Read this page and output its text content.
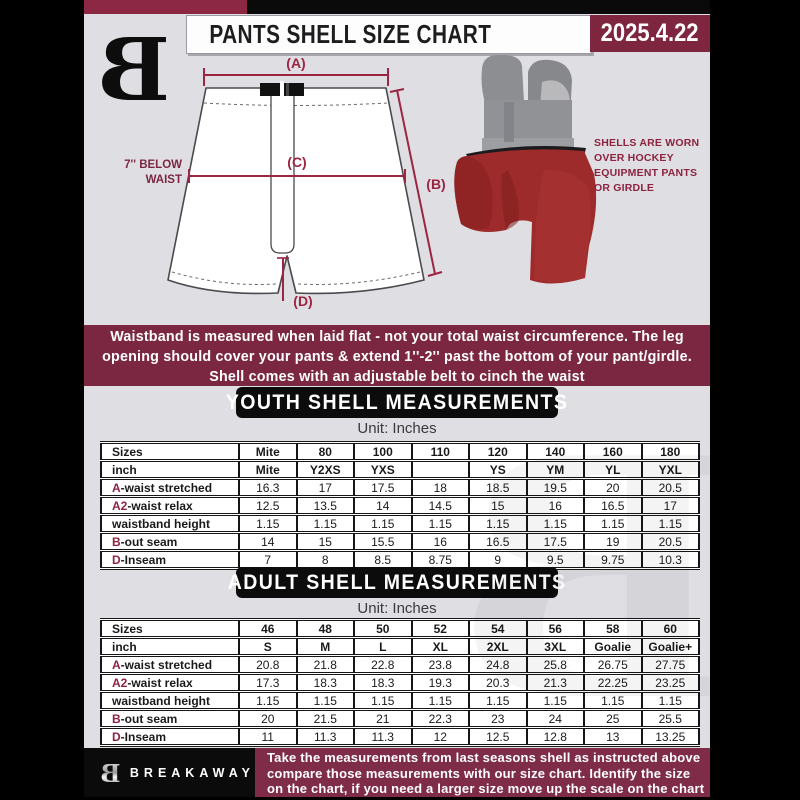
B	PANTS SHELL SIZE CHART	2025.4.22
(A)
(B)
(C)
(D)
7'' BELOW
WAIST
SHELLS ARE WORN
OVER HOCKEY
EQUIPMENT PANTS
OR GIRDLE
Waistband is measured when laid flat - not your total waist circumference. The leg
opening should cover your pants & extend 1''-2'' past the bottom of your pant/girdle.
Shell comes with an adjustable belt to cinch the waist
YOUTH SHELL MEASUREMENTS
Unit: Inches
Sizes	Mite	80	100	110	120	140	160	180
inch	Mite	Y2XS	YXS		YS	YM	YL	YXL
A-waist stretched	16.3	17	17.5	18	18.5	19.5	20	20.5
A2-waist relax	12.5	13.5	14	14.5	15	16	16.5	17
waistband height	1.15	1.15	1.15	1.15	1.15	1.15	1.15	1.15
B-out seam	14	15	15.5	16	16.5	17.5	19	20.5
D-Inseam	7	8	8.5	8.75	9	9.5	9.75	10.3
ADULT SHELL MEASUREMENTS
Unit: Inches
Sizes	46	48	50	52	54	56	58	60
inch	S	M	L	XL	2XL	3XL	Goalie	Goalie+
A-waist stretched	20.8	21.8	22.8	23.8	24.8	25.8	26.75	27.75
A2-waist relax	17.3	18.3	18.3	19.3	20.3	21.3	22.25	23.25
waistband height	1.15	1.15	1.15	1.15	1.15	1.15	1.15	1.15
B-out seam	20	21.5	21	22.3	23	24	25	25.5
D-Inseam	11	11.3	11.3	12	12.5	12.8	13	13.25
B BREAKAWAY
Take the measurements from last seasons shell as instructed above
compare those measurements with our size chart. Identify the size
on the chart, if you need a larger size move up the scale on the chart
